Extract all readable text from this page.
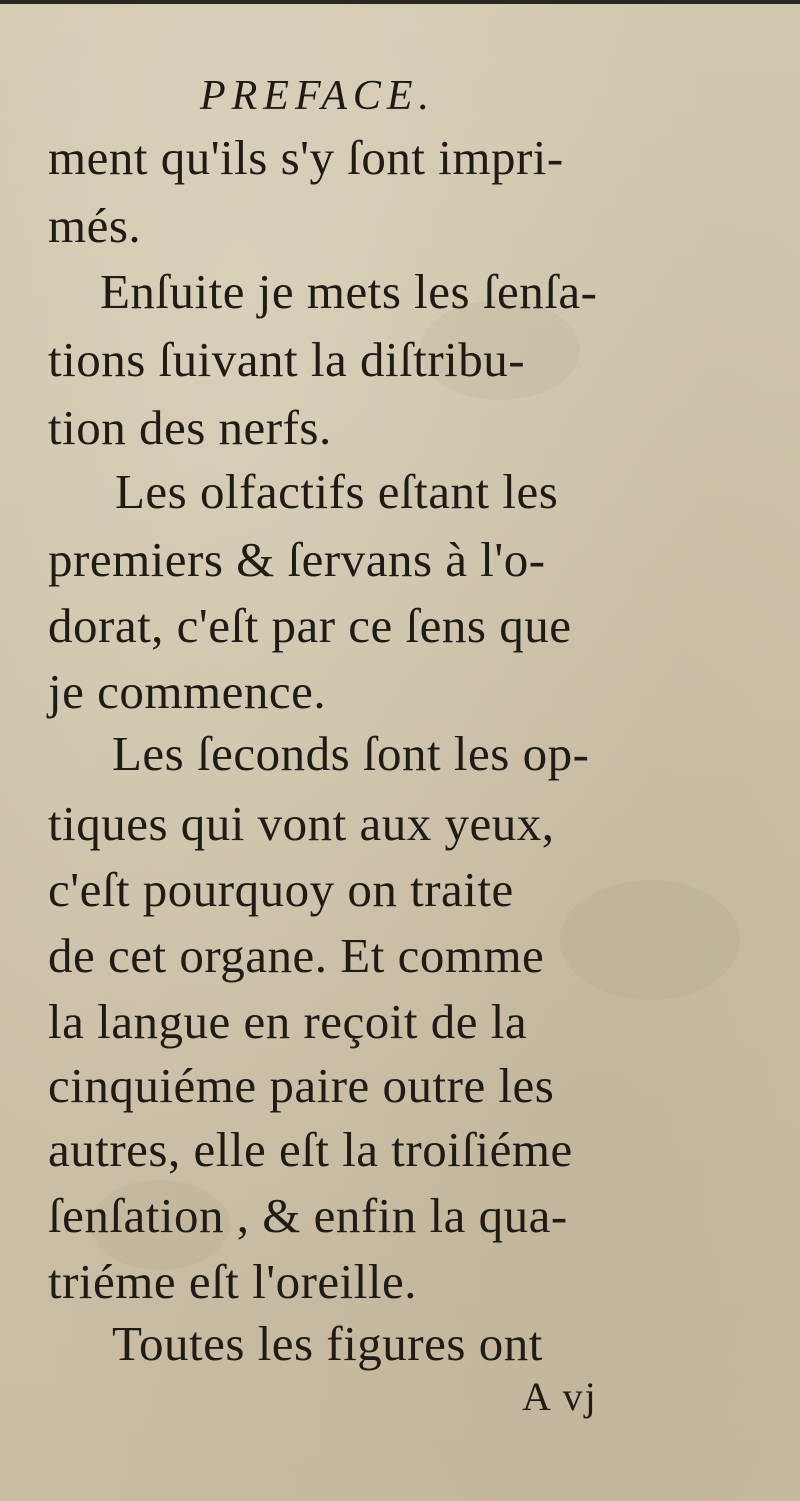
PREFACE.
ment qu'ils s'y ſont impri-
més.
Enſuite je mets les ſenſa-
tions ſuivant la diſtribu-
tion des nerfs.
Les olfactifs eſtant les
premiers & ſervans à l'o-
dorat, c'eſt par ce ſens que
je commence.
Les ſeconds ſont les op-
tiques qui vont aux yeux,
c'eſt pourquoy on traite
de cet organe. Et comme
la langue en reçoit de la
cinquiéme paire outre les
autres, elle eſt la troiſiéme
ſenſation , & enfin la qua-
triéme eſt l'oreille.
Toutes les figures ont
A vj
